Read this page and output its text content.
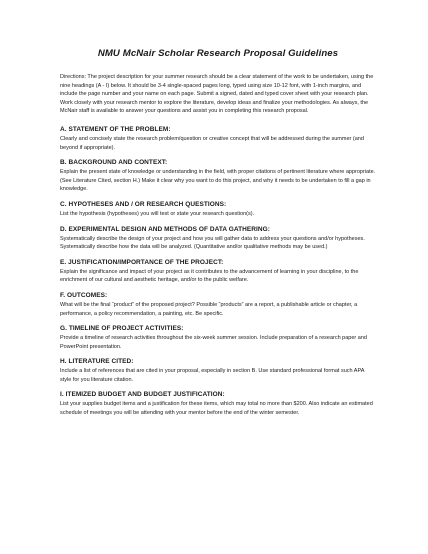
NMU McNair Scholar Research Proposal Guidelines

Directions: The project description for your summer research should be a clear statement of the work to be undertaken, using the nine headings (A - I) below. It should be 3-4 single-spaced pages long, typed using size 10-12 font, with 1-inch margins, and include the page number and your name on each page. Submit a signed, dated and typed cover sheet with your research plan. Work closely with your research mentor to explore the literature, develop ideas and finalize your methodologies. As always, the McNair staff is available to answer your questions and assist you in completing this research proposal.

A. STATEMENT OF THE PROBLEM:

Clearly and concisely state the research problem/question or creative concept that will be addressed during the summer (and beyond if appropriate).

B. BACKGROUND AND CONTEXT:

Explain the present state of knowledge or understanding in the field, with proper citations of pertinent literature where appropriate. (See Literature Cited, section H.) Make it clear why you want to do this project, and why it needs to be undertaken to fill a gap in knowledge.

C. HYPOTHESES AND / OR RESEARCH QUESTIONS:

List the hypothesis (hypotheses) you will test or state your research question(s).

D. EXPERIMENTAL DESIGN AND METHODS OF DATA GATHERING:

Systematically describe the design of your project and how you will gather data to address your questions and/or hypotheses. Systematically describe how the data will be analyzed. (Quantitative and/or qualitative methods may be used.)

E. JUSTIFICATION/IMPORTANCE OF THE PROJECT:

Explain the significance and impact of your project as it contributes to the advancement of learning in your discipline, to the enrichment of our cultural and aesthetic heritage, and/or to the public welfare.

F. OUTCOMES:

What will be the final “product” of the proposed project? Possible “products” are a report, a publishable article or chapter, a performance, a policy recommendation, a painting, etc. Be specific.

G. TIMELINE OF PROJECT ACTIVITIES:

Provide a timeline of research activities throughout the six-week summer session. Include preparation of a research paper and PowerPoint presentation.

H. LITERATURE CITED:

Include a list of references that are cited in your proposal, especially in section B. Use standard professional format such APA style for you literature citation.

I. ITEMIZED BUDGET AND BUDGET JUSTIFICATION:

List your supplies budget items and a justification for these items, which may total no more than $200. Also indicate an estimated schedule of meetings you will be attending with your mentor before the end of the winter semester.
